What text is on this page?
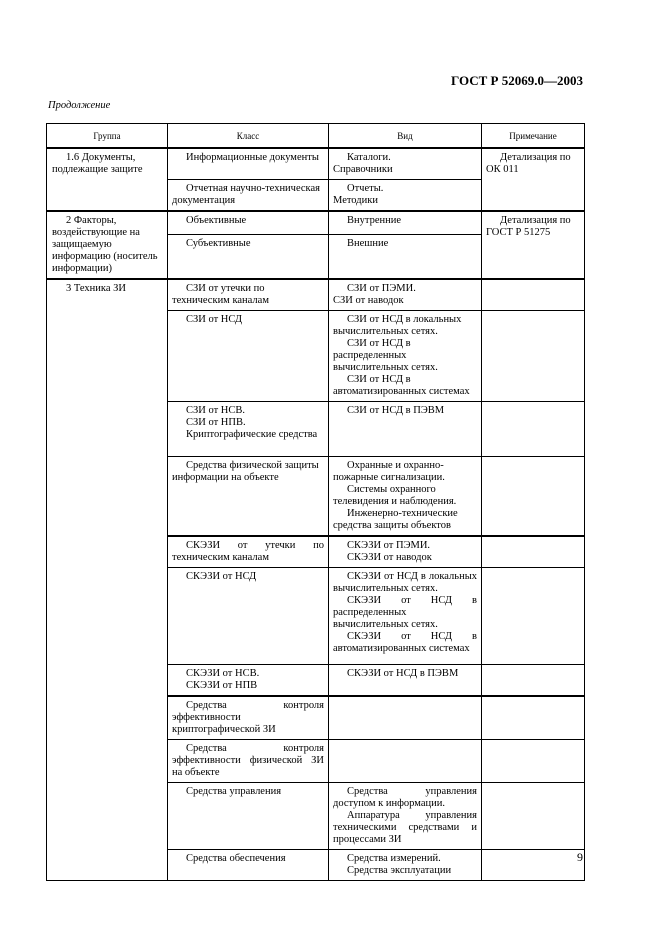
ГОСТ Р 52069.0—2003
Продолжение
Группа	Класс	Вид	Примечание

1.6 Документы, подлежащие защите	Информационные документы	Каталоги.
Справочники	Детализация по ОК 011

	Отчетная научно-техническая документация	Отчеты.
Методики	

2 Факторы, воздействующие на защищаемую информацию (носитель информации)	Объективные	Внутренние	Детализация по ГОСТ Р 51275

	Субъективные	Внешние	

3 Техника ЗИ	СЗИ от утечки по техническим каналам	СЗИ от ПЭМИ.
СЗИ от наводок	

	СЗИ от НСД	СЗИ от НСД в локальных вычислительных сетях.
СЗИ от НСД в распределенных вычислительных сетях.
СЗИ от НСД в автоматизированных системах	

	СЗИ от НСВ.
СЗИ от НПВ.
Криптографические средства	СЗИ от НСД в ПЭВМ	

	Средства физической защиты информации на объекте	Охранные и охранно-пожарные сигнализации.
Системы охранного телевидения и наблюдения.
Инженерно-технические средства защиты объектов	

	СКЭЗИ от утечки по техническим каналам	СКЭЗИ от ПЭМИ.
СКЭЗИ от наводок	

	СКЭЗИ от НСД	СКЭЗИ от НСД в локальных вычислительных сетях.
СКЭЗИ от НСД в распределенных вычислительных сетях.
СКЭЗИ от НСД в автоматизированных системах	

	СКЭЗИ от НСВ.
СКЭЗИ от НПВ	СКЭЗИ от НСД в ПЭВМ	

	Средства контроля эффективности криптографической ЗИ		

	Средства контроля эффективности физической ЗИ на объекте		

	Средства управления	Средства управления доступом к информации.
Аппаратура управления техническими средствами и процессами ЗИ	

	Средства обеспечения	Средства измерений.
Средства эксплуатации	

9
